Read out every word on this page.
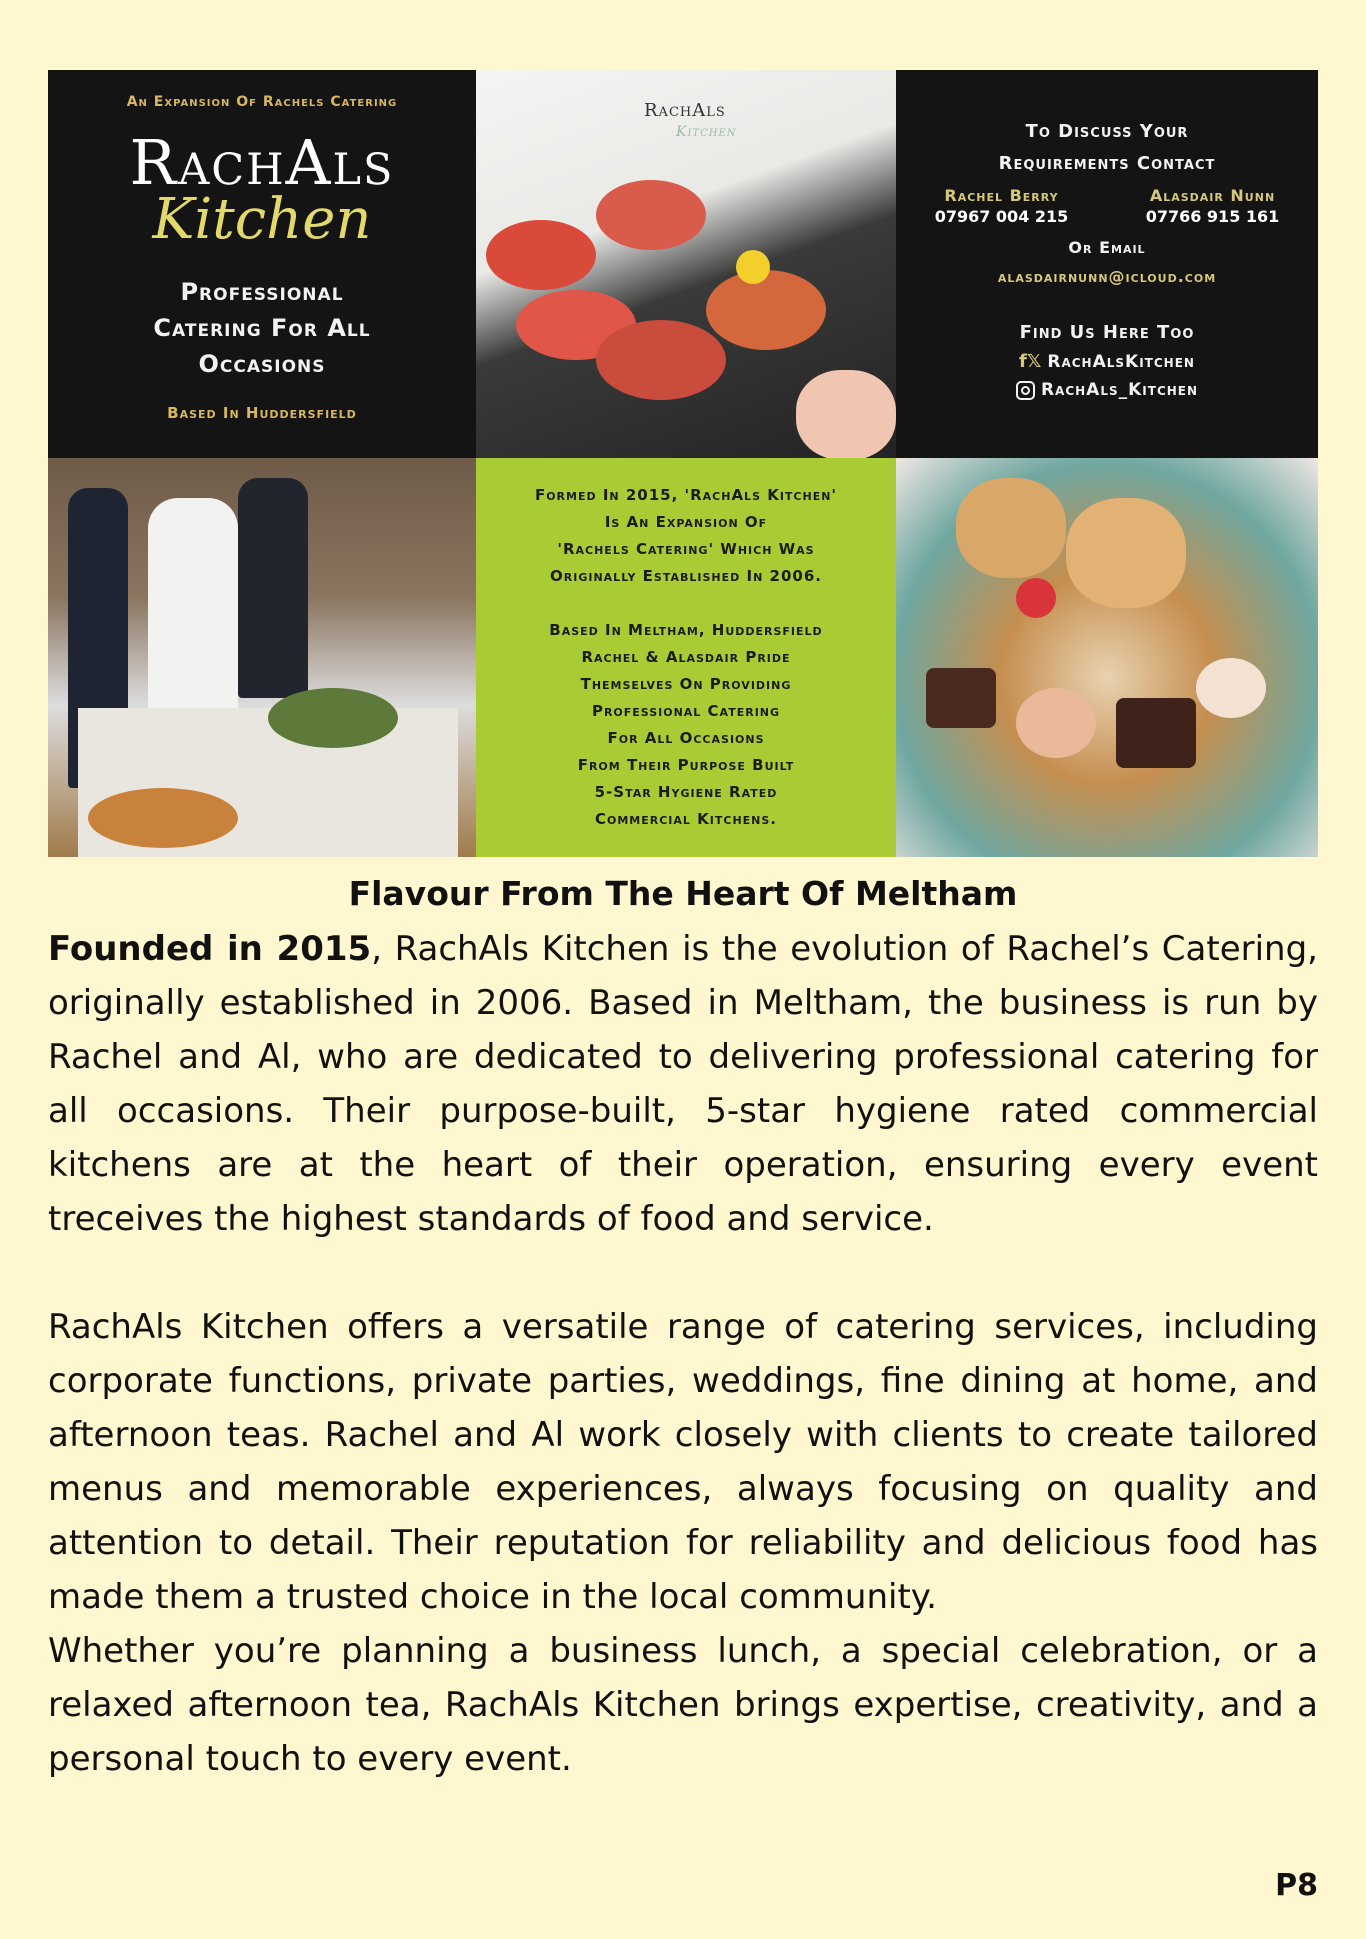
An Expansion Of Rachels Catering
RachAls
Kitchen
Professional
Catering For All
Occasions
Based In Huddersfield
RachAls
Kitchen	To Discuss Your
Requirements Contact
Rachel Berry
07967 004 215
Alasdair Nunn
07766 915 161
Or Email
alasdairnunn@icloud.com
Find Us Here Too
f𝕏 RachAlsKitchen
RachAls_Kitchen

Formed In 2015, 'RachAls Kitchen'
Is An Expansion Of
'Rachels Catering' Which Was
Originally Established In 2006.

Based In Meltham, Huddersfield
Rachel & Alasdair Pride
Themselves On Providing
Professional Catering
For All Occasions
From Their Purpose Built
5-Star Hygiene Rated
Commercial Kitchens.

Flavour From The Heart Of Meltham

Founded in 2015, RachAls Kitchen is the evolution of Rachel’s Catering, originally established in 2006. Based in Meltham, the business is run by Rachel and Al, who are dedicated to delivering professional catering for all occasions. Their purpose-built, 5-star hygiene rated commercial kitchens are at the heart of their operation, ensuring every event treceives the highest standards of food and service.

RachAls Kitchen offers a versatile range of catering services, including corporate functions, private parties, weddings, fine dining at home, and afternoon teas. Rachel and Al work closely with clients to create tailored menus and memorable experiences, always focusing on quality and attention to detail. Their reputation for reliability and delicious food has made them a trusted choice in the local community.

Whether you’re planning a business lunch, a special celebration, or a relaxed afternoon tea, RachAls Kitchen brings expertise, creativity, and a personal touch to every event.

P8
